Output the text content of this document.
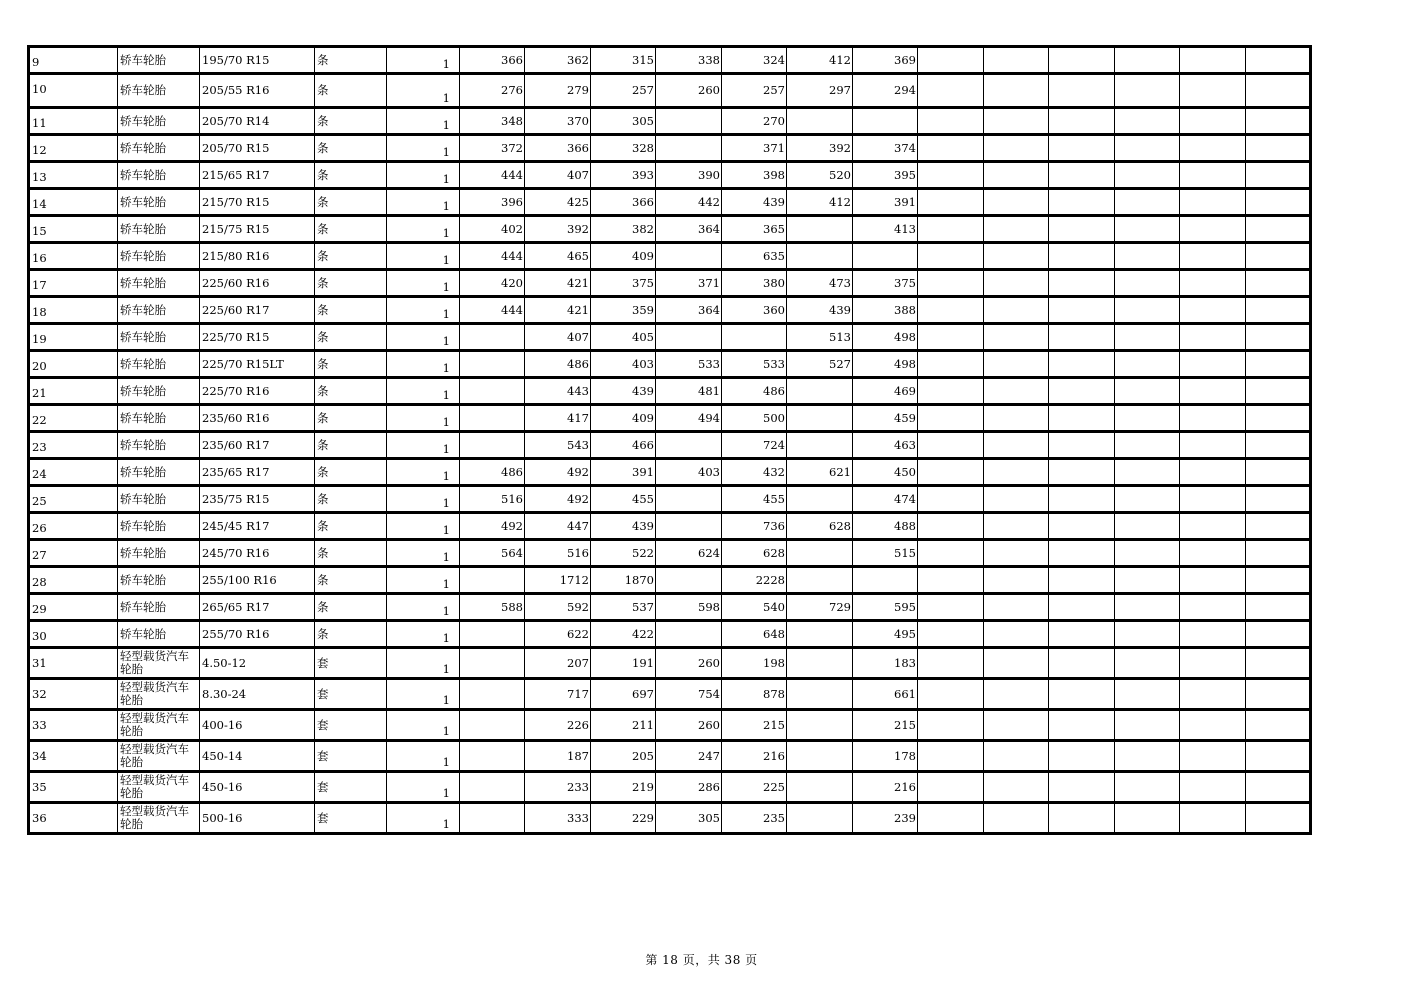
9	轿车轮胎	195/70 R15	条	1	366	362	315	338	324	412	369						
10	轿车轮胎	205/55 R16	条	1	276	279	257	260	257	297	294						
11	轿车轮胎	205/70 R14	条	1	348	370	305		270								
12	轿车轮胎	205/70 R15	条	1	372	366	328		371	392	374						
13	轿车轮胎	215/65 R17	条	1	444	407	393	390	398	520	395						
14	轿车轮胎	215/70 R15	条	1	396	425	366	442	439	412	391						
15	轿车轮胎	215/75 R15	条	1	402	392	382	364	365		413						
16	轿车轮胎	215/80 R16	条	1	444	465	409		635								
17	轿车轮胎	225/60 R16	条	1	420	421	375	371	380	473	375						
18	轿车轮胎	225/60 R17	条	1	444	421	359	364	360	439	388						
19	轿车轮胎	225/70 R15	条	1		407	405			513	498						
20	轿车轮胎	225/70 R15LT	条	1		486	403	533	533	527	498						
21	轿车轮胎	225/70 R16	条	1		443	439	481	486		469						
22	轿车轮胎	235/60 R16	条	1		417	409	494	500		459						
23	轿车轮胎	235/60 R17	条	1		543	466		724		463						
24	轿车轮胎	235/65 R17	条	1	486	492	391	403	432	621	450						
25	轿车轮胎	235/75 R15	条	1	516	492	455		455		474						
26	轿车轮胎	245/45 R17	条	1	492	447	439		736	628	488						
27	轿车轮胎	245/70 R16	条	1	564	516	522	624	628		515						
28	轿车轮胎	255/100 R16	条	1		1712	1870		2228								
29	轿车轮胎	265/65 R17	条	1	588	592	537	598	540	729	595						
30	轿车轮胎	255/70 R16	条	1		622	422		648		495						
31	轻型载货汽车轮胎	4.50-12	套	1		207	191	260	198		183						
32	轻型载货汽车轮胎	8.30-24	套	1		717	697	754	878		661						
33	轻型载货汽车轮胎	400-16	套	1		226	211	260	215		215						
34	轻型载货汽车轮胎	450-14	套	1		187	205	247	216		178						
35	轻型载货汽车轮胎	450-16	套	1		233	219	286	225		216						
36	轻型载货汽车轮胎	500-16	套	1		333	229	305	235		239						
第 18 页，共 38 页
